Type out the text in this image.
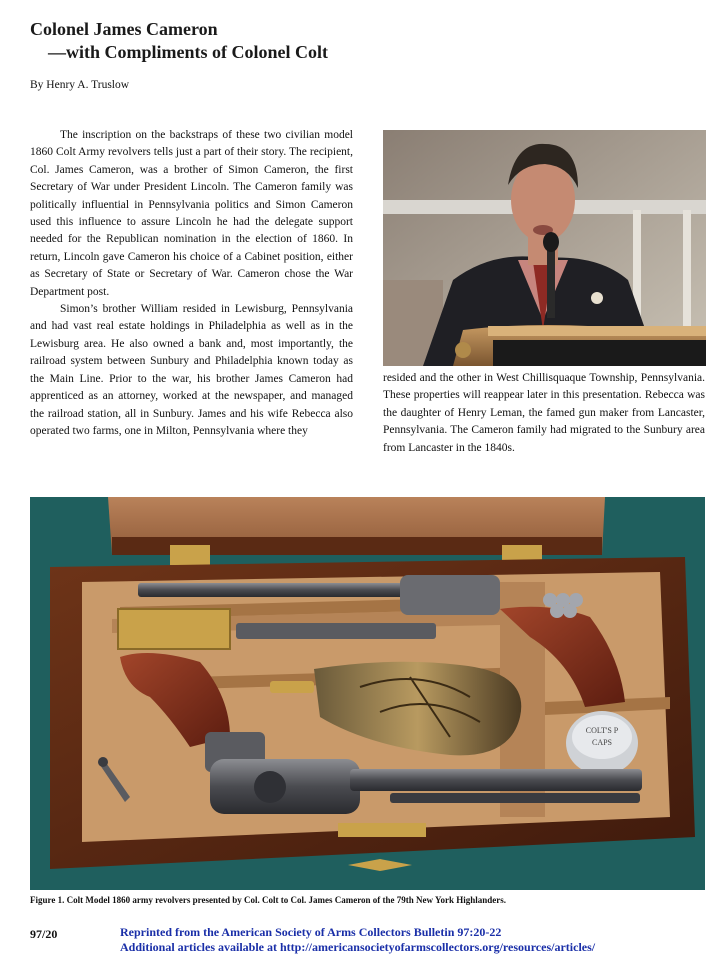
Colonel James Cameron
—with Compliments of Colonel Colt
By Henry A. Truslow

The inscription on the backstraps of these two civilian model 1860 Colt Army revolvers tells just a part of their story. The recipient, Col. James Cameron, was a brother of Simon Cameron, the first Secretary of War under President Lincoln. The Cameron family was politically influential in Pennsylvania politics and Simon Cameron used this influence to assure Lincoln he had the delegate support needed for the Republican nomination in the election of 1860. In return, Lincoln gave Cameron his choice of a Cabinet position, either as Secretary of State or Secretary of War. Cameron chose the War Department post.

Simon’s brother William resided in Lewisburg, Pennsylvania and had vast real estate holdings in Philadelphia as well as in the Lewisburg area. He also owned a bank and, most importantly, the railroad system between Sunbury and Philadelphia known today as the Main Line. Prior to the war, his brother James Cameron had apprenticed as an attorney, worked at the newspaper, and managed the railroad station, all in Sunbury. James and his wife Rebecca also operated two farms, one in Milton, Pennsylvania where they

resided and the other in West Chillisquaque Township, Pennsylvania. These properties will reappear later in this presentation. Rebecca was the daughter of Henry Leman, the famed gun maker from Lancaster, Pennsylvania. The Cameron family had migrated to the Sunbury area from Lancaster in the 1840s.

COLT'S P
CAPS
Figure 1. Colt Model 1860 army revolvers presented by Col. Colt to Col. James Cameron of the 79th New York Highlanders.
97/20	Reprinted from the American Society of Arms Collectors Bulletin 97:20-22
Additional articles available at http://americansocietyofarmscollectors.org/resources/articles/
